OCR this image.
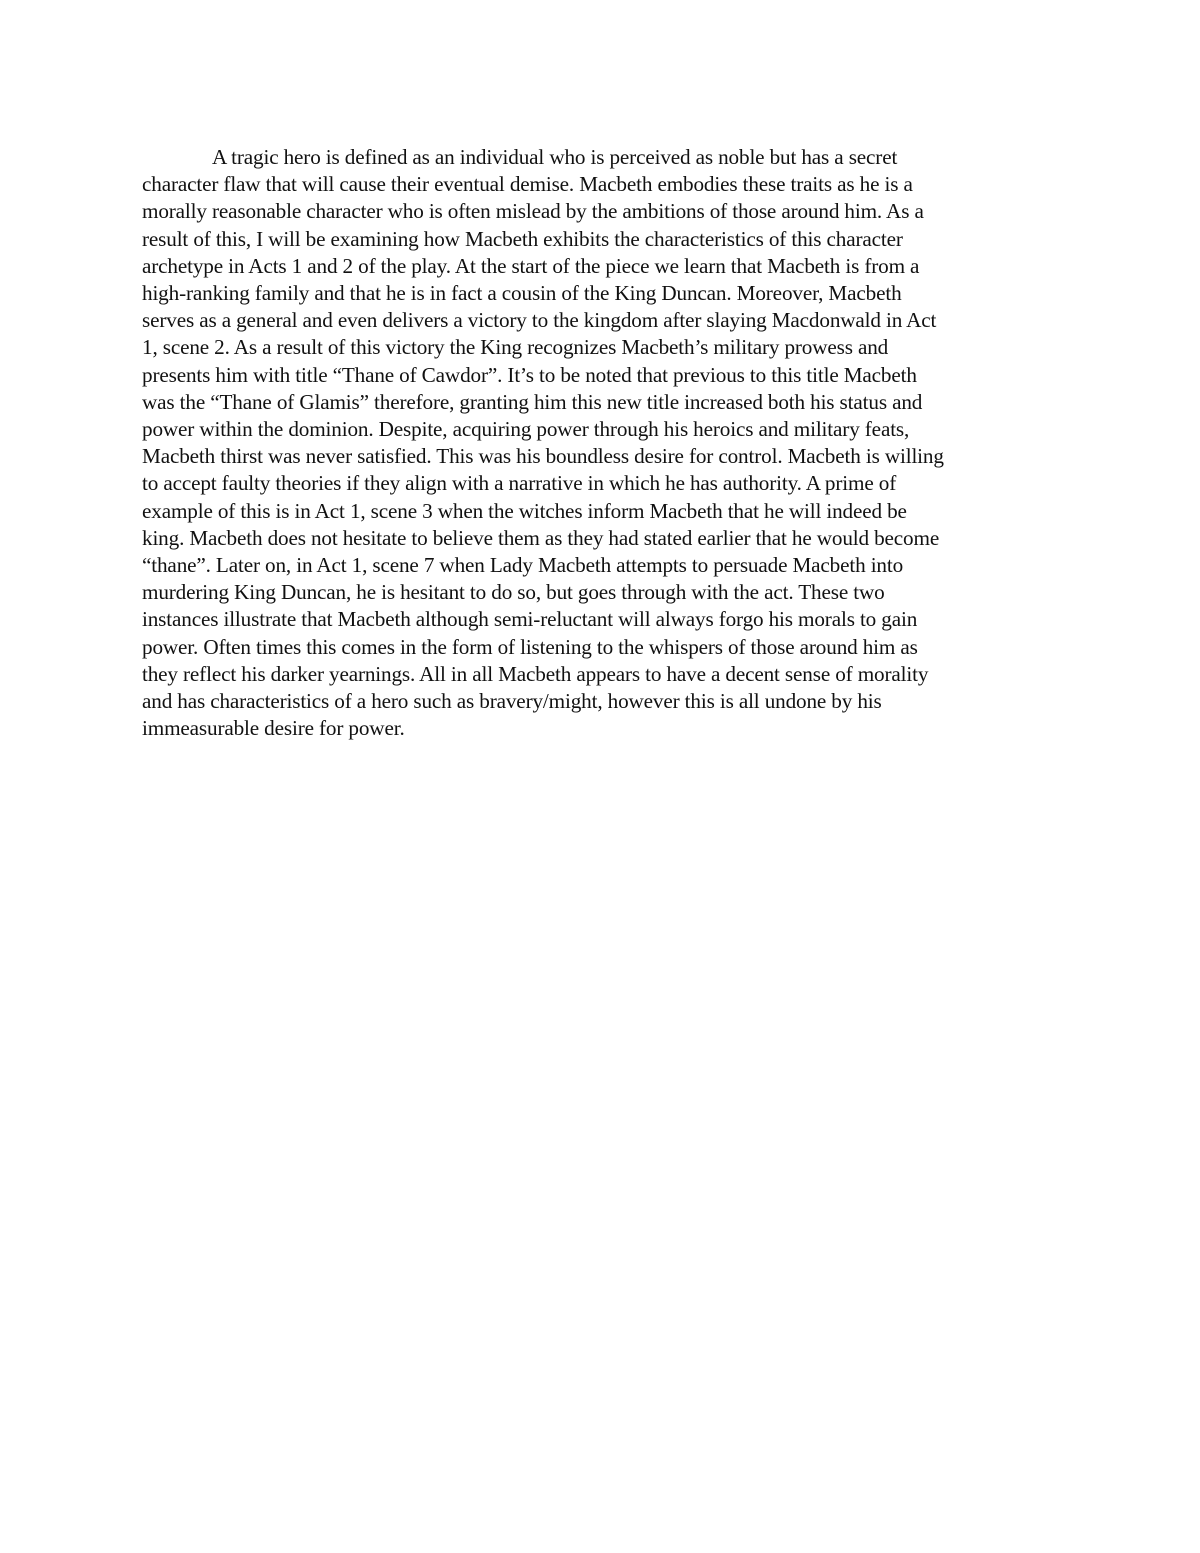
A tragic hero is defined as an individual who is perceived as noble but has a secret
character flaw that will cause their eventual demise. Macbeth embodies these traits as he is a
morally reasonable character who is often mislead by the ambitions of those around him. As a
result of this, I will be examining how Macbeth exhibits the characteristics of this character
archetype in Acts 1 and 2 of the play. At the start of the piece we learn that Macbeth is from a
high-ranking family and that he is in fact a cousin of the King Duncan. Moreover, Macbeth
serves as a general and even delivers a victory to the kingdom after slaying Macdonwald in Act
1, scene 2. As a result of this victory the King recognizes Macbeth’s military prowess and
presents him with title “Thane of Cawdor”. It’s to be noted that previous to this title Macbeth
was the “Thane of Glamis” therefore, granting him this new title increased both his status and
power within the dominion. Despite, acquiring power through his heroics and military feats,
Macbeth thirst was never satisfied. This was his boundless desire for control. Macbeth is willing
to accept faulty theories if they align with a narrative in which he has authority. A prime of
example of this is in Act 1, scene 3 when the witches inform Macbeth that he will indeed be
king. Macbeth does not hesitate to believe them as they had stated earlier that he would become
“thane”. Later on, in Act 1, scene 7 when Lady Macbeth attempts to persuade Macbeth into
murdering King Duncan, he is hesitant to do so, but goes through with the act. These two
instances illustrate that Macbeth although semi-reluctant will always forgo his morals to gain
power. Often times this comes in the form of listening to the whispers of those around him as
they reflect his darker yearnings. All in all Macbeth appears to have a decent sense of morality
and has characteristics of a hero such as bravery/might, however this is all undone by his
immeasurable desire for power.
